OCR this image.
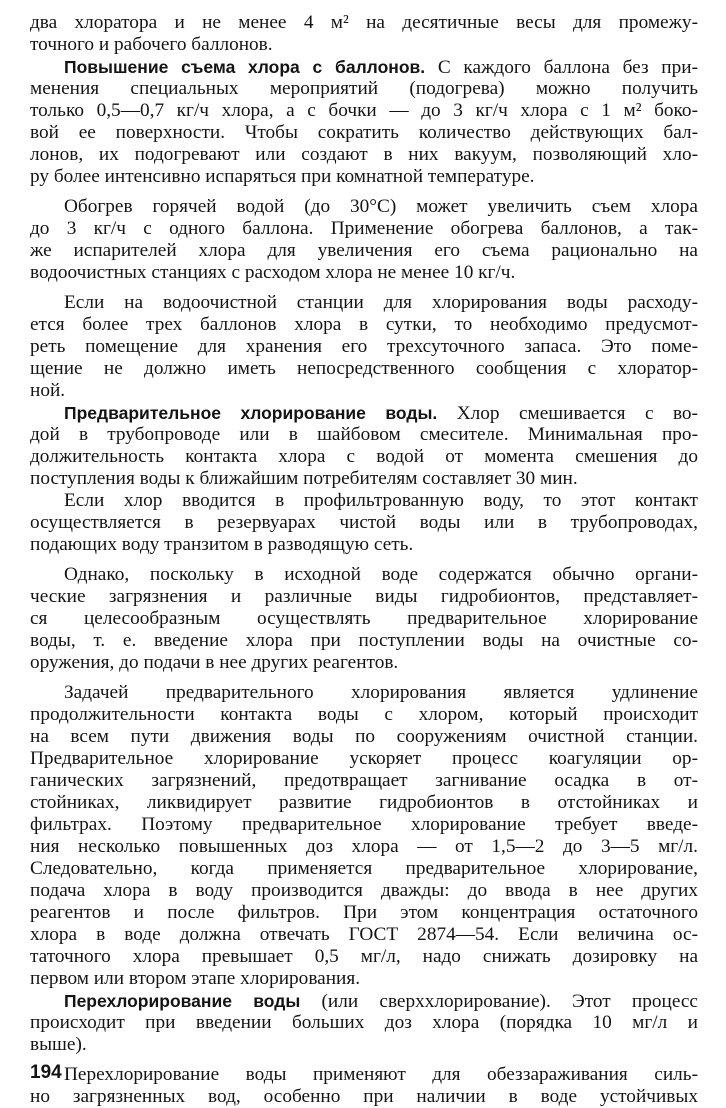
два хлоратора и не менее 4 м² на десятичные весы для промежу-
точного и рабочего баллонов.
Повышение съема хлора с баллонов. С каждого баллона без при-
менения специальных мероприятий (подогрева) можно получить
только 0,5—0,7 кг/ч хлора, а с бочки — до 3 кг/ч хлора с 1 м² боко-
вой ее поверхности. Чтобы сократить количество действующих бал-
лонов, их подогревают или создают в них вакуум, позволяющий хло-
ру более интенсивно испаряться при комнатной температуре.
Обогрев горячей водой (до 30°С) может увеличить съем хлора
до 3 кг/ч с одного баллона. Применение обогрева баллонов, а так-
же испарителей хлора для увеличения его съема рационально на
водоочистных станциях с расходом хлора не менее 10 кг/ч.
Если на водоочистной станции для хлорирования воды расходу-
ется более трех баллонов хлора в сутки, то необходимо предусмот-
реть помещение для хранения его трехсуточного запаса. Это поме-
щение не должно иметь непосредственного сообщения с хлоратор-
ной.
Предварительное хлорирование воды. Хлор смешивается с во-
дой в трубопроводе или в шайбовом смесителе. Минимальная про-
должительность контакта хлора с водой от момента смешения до
поступления воды к ближайшим потребителям составляет 30 мин.
Если хлор вводится в профильтрованную воду, то этот контакт
осуществляется в резервуарах чистой воды или в трубопроводах,
подающих воду транзитом в разводящую сеть.
Однако, поскольку в исходной воде содержатся обычно органи-
ческие загрязнения и различные виды гидробионтов, представляет-
ся целесообразным осуществлять предварительное хлорирование
воды, т. е. введение хлора при поступлении воды на очистные со-
оружения, до подачи в нее других реагентов.
Задачей предварительного хлорирования является удлинение
продолжительности контакта воды с хлором, который происходит
на всем пути движения воды по сооружениям очистной станции.
Предварительное хлорирование ускоряет процесс коагуляции ор-
ганических загрязнений, предотвращает загнивание осадка в от-
стойниках, ликвидирует развитие гидробионтов в отстойниках и
фильтрах. Поэтому предварительное хлорирование требует введе-
ния несколько повышенных доз хлора — от 1,5—2 до 3—5 мг/л.
Следовательно, когда применяется предварительное хлорирование,
подача хлора в воду производится дважды: до ввода в нее других
реагентов и после фильтров. При этом концентрация остаточного
хлора в воде должна отвечать ГОСТ 2874—54. Если величина ос-
таточного хлора превышает 0,5 мг/л, надо снижать дозировку на
первом или втором этапе хлорирования.
Перехлорирование воды (или сверххлорирование). Этот процесс
происходит при введении больших доз хлора (порядка 10 мг/л и
выше).
Перехлорирование воды применяют для обеззараживания силь-
но загрязненных вод, особенно при наличии в воде устойчивых
194
